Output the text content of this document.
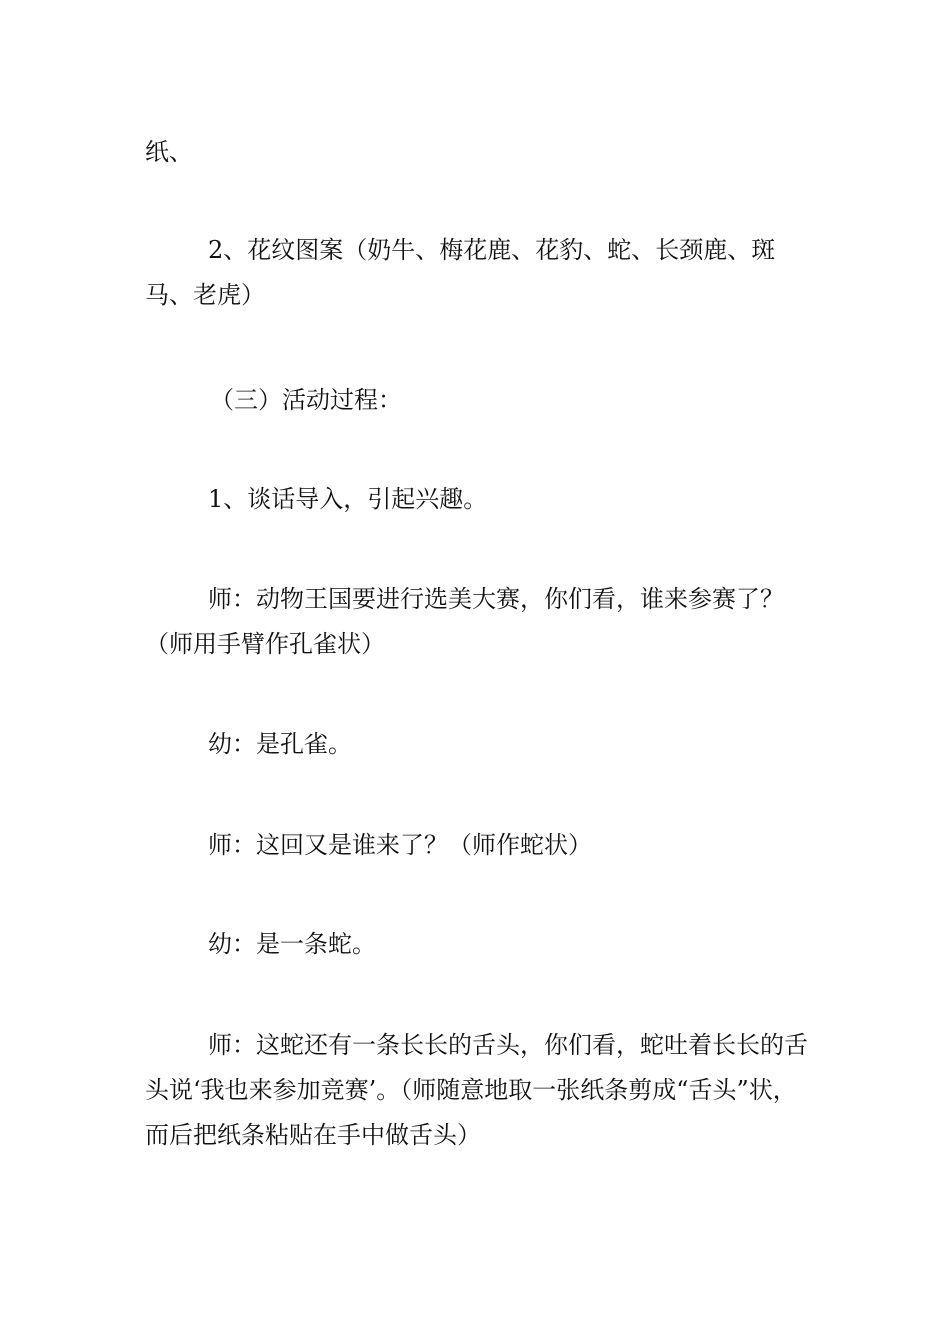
纸、

2、花纹图案（奶牛、梅花鹿、花豹、蛇、长颈鹿、斑马、老虎）

（三）活动过程：

1、谈话导入，引起兴趣。

师：动物王国要进行选美大赛，你们看，谁来参赛了？（师用手臂作孔雀状）

幼：是孔雀。

师：这回又是谁来了？（师作蛇状）

幼：是一条蛇。

师：这蛇还有一条长长的舌头，你们看，蛇吐着长长的舌头说‘我也来参加竞赛’。（师随意地取一张纸条剪成“舌头”状，而后把纸条粘贴在手中做舌头）
